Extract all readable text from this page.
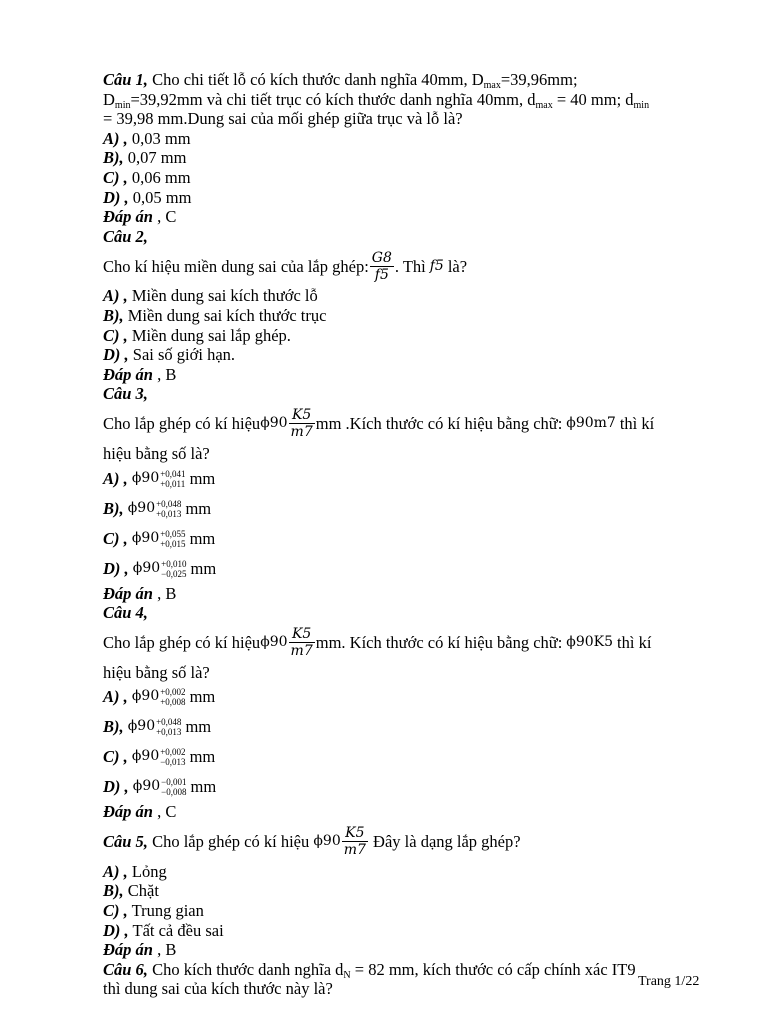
Câu 1, Cho chi tiết lỗ có kích thước danh nghĩa 40mm, $D_{max}=39,96mm$;
$D_{min}=39,92mm$ và chi tiết trục có kích thước danh nghĩa 40mm, $d_{max} = 40$ mm; $d_{min}$
= 39,98 mm.Dung sai của mối ghép giữa trục và lỗ là?
A) , 0,03 mm
B), 0,07 mm
C) , 0,06 mm
D) , 0,05 mm
Đáp án , C
Câu 2,
Cho kí hiệu miền dung sai của lắp ghép: $\frac{G8}{f5}$ . Thì f5 là?
A) , Miền dung sai kích thước lỗ
B), Miền dung sai kích thước trục
C) , Miền dung sai lắp ghép.
D) , Sai số giới hạn.
Đáp án , B
Câu 3,
Cho lắp ghép có kí hiệu $\phi 90 \frac{K5}{m7}$ mm .Kích thước có kí hiệu bằng chữ: ϕ90m7 thì kí
hiệu bằng số là?
A) ,
ϕ90 +0,041
+0,011 mm
B),
ϕ90 +0,048
+0,013 mm
C) ,
ϕ90 +0,055
+0,015 mm
D) ,
ϕ90 +0,010
−0,025 mm
Đáp án , B
Câu 4,
Cho lắp ghép có kí hiệu $\phi 90 \frac{K5}{m7}$ mm. Kích thước có kí hiệu bằng chữ: ϕ90K5 thì kí
hiệu bằng số là?
A) ,
ϕ90 +0,002
+0,008 mm
B),
ϕ90 +0,048
+0,013 mm
C) ,
ϕ90 +0,002
−0,013 mm
D) ,
ϕ90 −0,001
−0,008 mm
Đáp án , C
Câu 5, Cho lắp ghép có kí hiệu $\phi 90 \frac{K5}{m7}$ Đây là dạng lắp ghép?
A) , Lỏng
B), Chặt
C) , Trung gian
D) , Tất cả đều sai
Đáp án , B
Câu 6, Cho kích thước danh nghĩa $d_N = 82$ mm, kích thước có cấp chính xác IT9
thì dung sai của kích thước này là?	Trang 1/22
